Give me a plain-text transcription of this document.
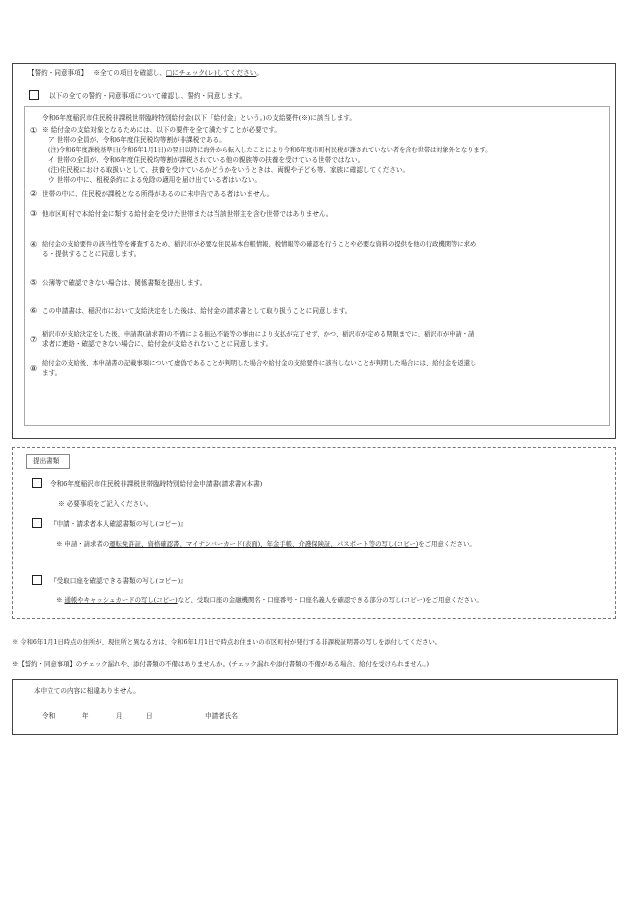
【誓約・同意事項】 ※全ての項目を確認し、□にチェック(レ)してください。
以下の全ての誓約・同意事項について確認し、誓約・同意します。
令和6年度稲沢市住民税非課税世帯臨時特別給付金(以下「給付金」という。)の支給要件(※)に該当します。
① ※ 給付金の支給対象となるためには、以下の要件を全て満たすことが必要です。
ア 世帯の全員が、令和6年度住民税均等割が非課税である。
(注)令和6年度課税基準日(令和6年1月1日)の翌日以降に海外から転入したことにより令和6年度市町村民税が課されていない者を含む世帯は対象外となります。
イ 世帯の全員が、令和6年度住民税均等割が課税されている他の親族等の扶養を受けている世帯ではない。
(注)住民税における取扱いとして、扶養を受けているかどうかをいうときは、両親や子ども等、家族に確認してください。
ウ 世帯の中に、租税条約による免除の適用を届け出ている者はいない。
② 世帯の中に、住民税が課税となる所得があるのに未申告である者はいません。
③ 他市区町村で本給付金に類する給付金を受けた世帯または当該世帯主を含む世帯ではありません。
④ 給付金の支給要件の該当性等を審査するため、稲沢市が必要な住民基本台帳情報、税情報等の確認を行うことや必要な資料の提供を他の行政機関等に求め
る・提供することに同意します。
⑤ 公簿等で確認できない場合は、関係書類を提出します。
⑥ この申請書は、稲沢市において支給決定をした後は、給付金の請求書として取り扱うことに同意します。
⑦
稲沢市が支給決定をした後、申請書(請求書)の不備による振込不能等の事由により支払が完了せず、かつ、稲沢市が定める期限までに、稲沢市が申請・請
求者に連絡・確認できない場合に、給付金が支給されないことに同意します。
⑧
給付金の支給後、本申請書の記載事項について虚偽であることが判明した場合や給付金の支給要件に該当しないことが判明した場合には、給付金を返還し
ます。
提出書類
令和6年度稲沢市住民税非課税世帯臨時特別給付金申請書(請求書)(本書)
※ 必要事項をご記入ください。
『申請・請求者本人確認書類の写し(コピー)』
※ 申請・請求者の運転免許証、資格確認書、マイナンバーカード(表面)、年金手帳、介護保険証、パスポート等の写し(コピー)をご用意ください。
『受取口座を確認できる書類の写し(コピー)』
※ 通帳やキャッシュカードの写し(コピー)など、受取口座の金融機関名・口座番号・口座名義人を確認できる部分の写し(コピー)をご用意ください。
※ 令和6年1月1日時点の住所が、現住所と異なる方は、令和6年1月1日で時点お住まいの市区町村が発行する非課税証明書の写しを添付してください。
※【誓約・同意事項】のチェック漏れや、添付書類の不備はありませんか。(チェック漏れや添付書類の不備がある場合、給付を受けられません。)
本申立ての内容に相違ありません。
令和	年	月	日	申請者氏名
